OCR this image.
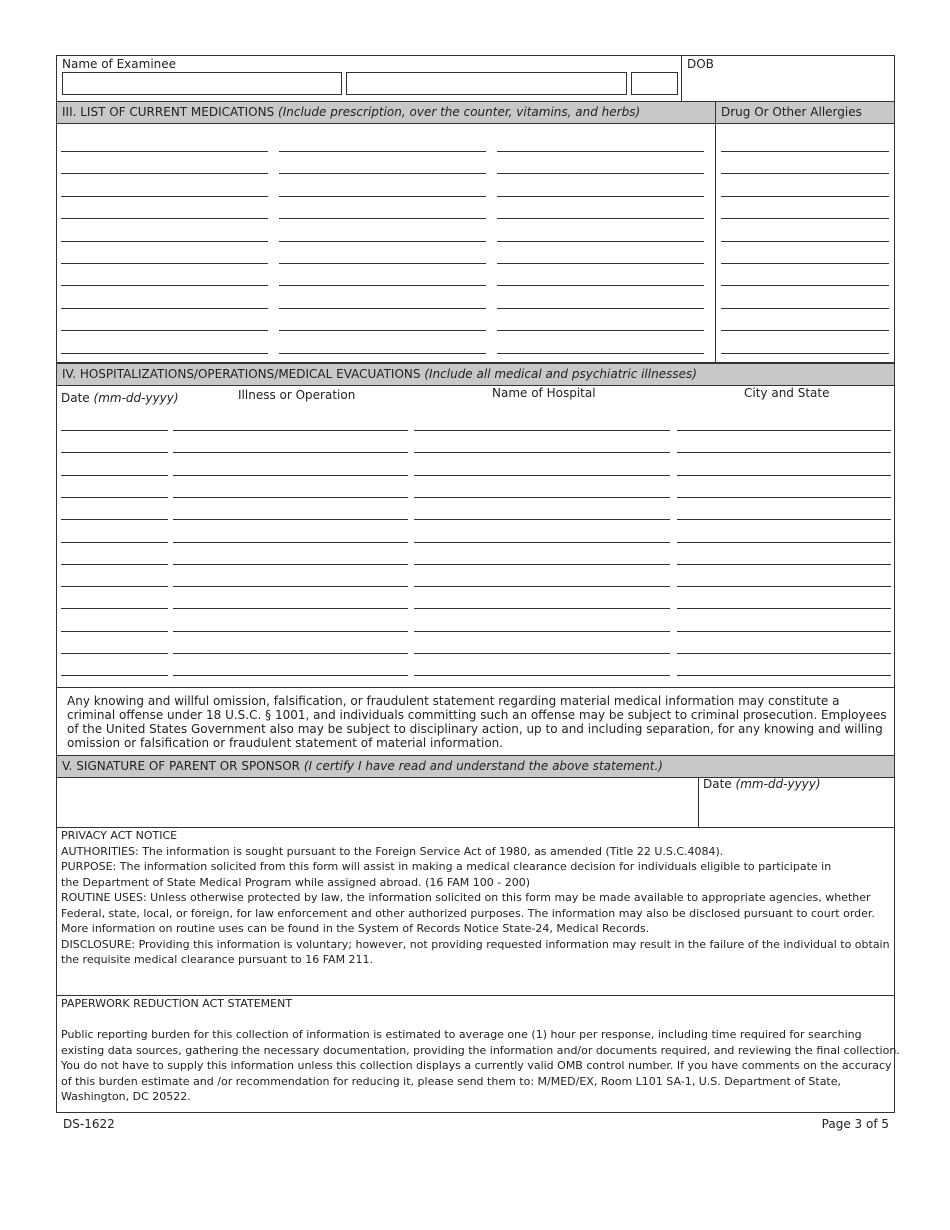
Name of Examinee	DOB
III. LIST OF CURRENT MEDICATIONS (Include prescription, over the counter, vitamins, and herbs)	Drug Or Other Allergies
IV. HOSPITALIZATIONS/OPERATIONS/MEDICAL EVACUATIONS (Include all medical and psychiatric illnesses)
Date (mm-dd-yyyy)	Illness or Operation	Name of Hospital	City and State
Any knowing and willful omission, falsification, or fraudulent statement regarding material medical information may constitute a criminal offense under 18 U.S.C. § 1001, and individuals committing such an offense may be subject to criminal prosecution. Employees of the United States Government also may be subject to disciplinary action, up to and including separation, for any knowing and willing omission or falsification or fraudulent statement of material information.
V. SIGNATURE OF PARENT OR SPONSOR (I certify I have read and understand the above statement.)
Date (mm-dd-yyyy)
PRIVACY ACT NOTICE
AUTHORITIES: The information is sought pursuant to the Foreign Service Act of 1980, as amended (Title 22 U.S.C.4084).
PURPOSE: The information solicited from this form will assist in making a medical clearance decision for individuals eligible to participate in
the Department of State Medical Program while assigned abroad. (16 FAM 100 - 200)
ROUTINE USES: Unless otherwise protected by law, the information solicited on this form may be made available to appropriate agencies, whether
Federal, state, local, or foreign, for law enforcement and other authorized purposes. The information may also be disclosed pursuant to court order.
More information on routine uses can be found in the System of Records Notice State-24, Medical Records.
DISCLOSURE: Providing this information is voluntary; however, not providing requested information may result in the failure of the individual to obtain
the requisite medical clearance pursuant to 16 FAM 211.
PAPERWORK REDUCTION ACT STATEMENT
Public reporting burden for this collection of information is estimated to average one (1) hour per response, including time required for searching
existing data sources, gathering the necessary documentation, providing the information and/or documents required, and reviewing the final collection.
You do not have to supply this information unless this collection displays a currently valid OMB control number. If you have comments on the accuracy
of this burden estimate and /or recommendation for reducing it, please send them to: M/MED/EX, Room L101 SA-1, U.S. Department of State,
Washington, DC 20522.
DS-1622	Page 3 of 5
